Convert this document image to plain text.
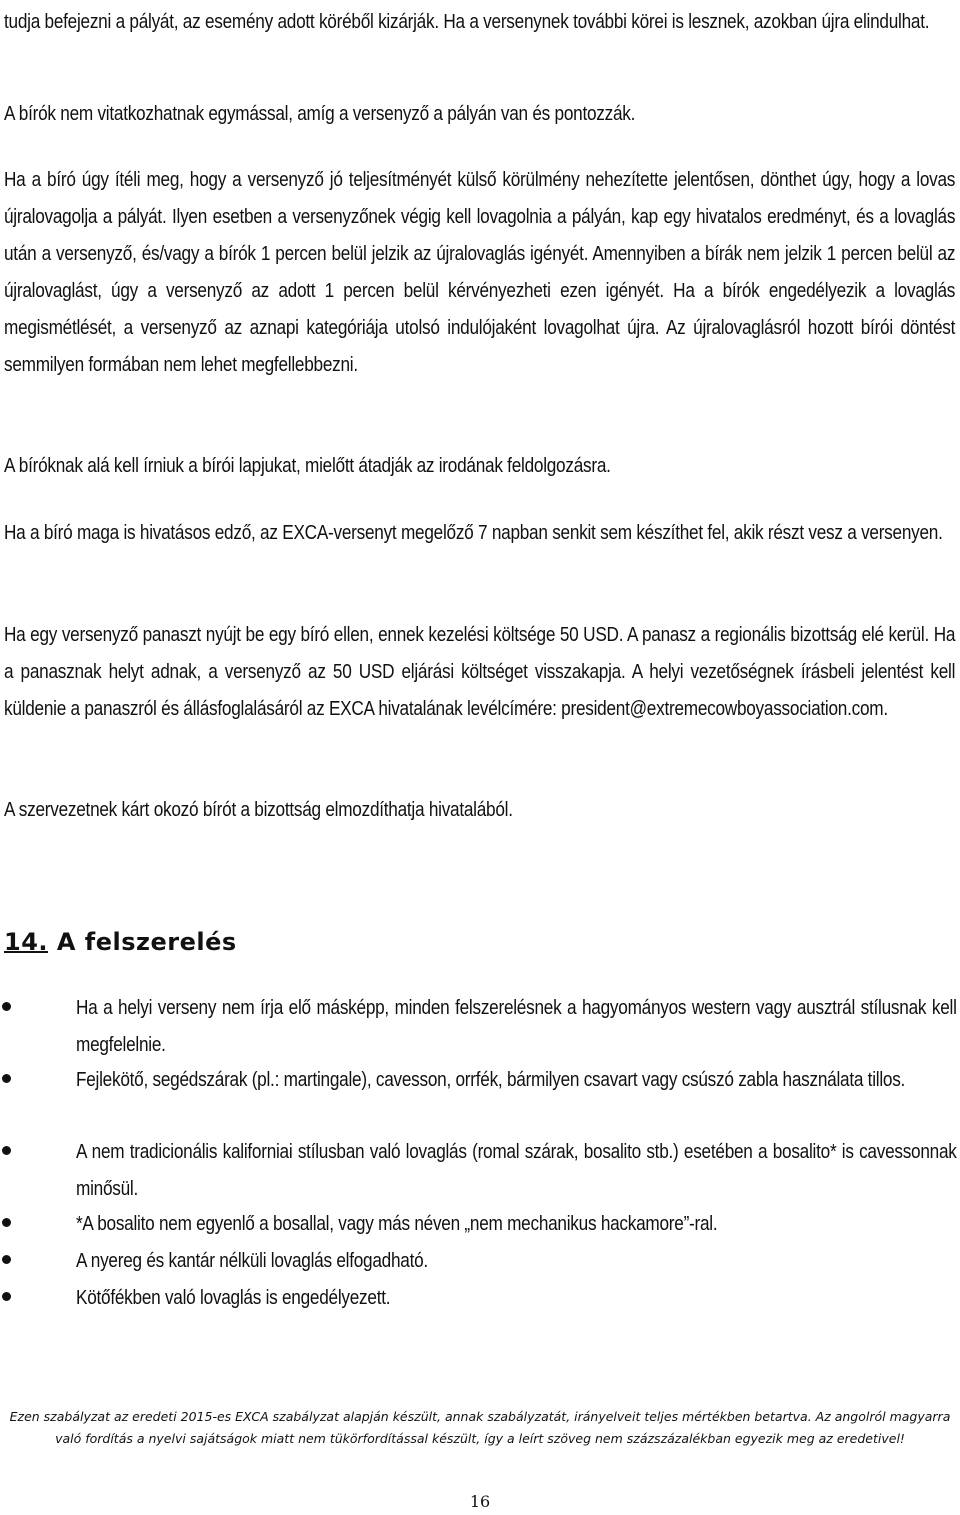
tudja befejezni a pályát, az esemény adott köréből kizárják. Ha a versenynek további körei is lesznek, azokban újra elindulhat.

A bírók nem vitatkozhatnak egymással, amíg a versenyző a pályán van és pontozzák.

Ha a bíró úgy ítéli meg, hogy a versenyző jó teljesítményét külső körülmény nehezítette jelentősen, dönthet úgy, hogy a lovas újralovagolja a pályát. Ilyen esetben a versenyzőnek végig kell lovagolnia a pályán, kap egy hivatalos eredményt, és a lovaglás után a versenyző, és/vagy a bírók 1 percen belül jelzik az újralovaglás igényét. Amennyiben a bírák nem jelzik 1 percen belül az újralovaglást, úgy a versenyző az adott 1 percen belül kérvényezheti ezen igényét. Ha a bírók engedélyezik a lovaglás megismétlését, a versenyző az aznapi kategóriája utolsó indulójaként lovagolhat újra. Az újralovaglásról hozott bírói döntést semmilyen formában nem lehet megfellebbezni.

A bíróknak alá kell írniuk a bírói lapjukat, mielőtt átadják az irodának feldolgozásra.

Ha a bíró maga is hivatásos edző, az EXCA-versenyt megelőző 7 napban senkit sem készíthet fel, akik részt vesz a versenyen.

Ha egy versenyző panaszt nyújt be egy bíró ellen, ennek kezelési költsége 50 USD. A panasz a regionális bizottság elé kerül. Ha a panasznak helyt adnak, a versenyző az 50 USD eljárási költséget visszakapja. A helyi vezetőségnek írásbeli jelentést kell küldenie a panaszról és állásfoglalásáról az EXCA hivatalának levélcímére: president@extremecowboyassociation.com.

A szervezetnek kárt okozó bírót a bizottság elmozdíthatja hivatalából.

14. A felszerelés
Ha a helyi verseny nem írja elő másképp, minden felszerelésnek a hagyományos western vagy ausztrál stílusnak kell megfelelnie.
Fejlekötő, segédszárak (pl.: martingale), cavesson, orrfék, bármilyen csavart vagy csúszó zabla használata tillos.
A nem tradicionális kaliforniai stílusban való lovaglás (romal szárak, bosalito stb.) esetében a bosalito* is cavessonnak minősül.
*A bosalito nem egyenlő a bosallal, vagy más néven „nem mechanikus hackamore”-ral.
A nyereg és kantár nélküli lovaglás elfogadható.
Kötőfékben való lovaglás is engedélyezett.

Ezen szabályzat az eredeti 2015-es EXCA szabályzat alapján készült, annak szabályzatát, irányelveit teljes mértékben betartva. Az angolról magyarra való fordítás a nyelvi sajátságok miatt nem tükörfordítással készült, így a leírt szöveg nem százszázalékban egyezik meg az eredetivel!

16
